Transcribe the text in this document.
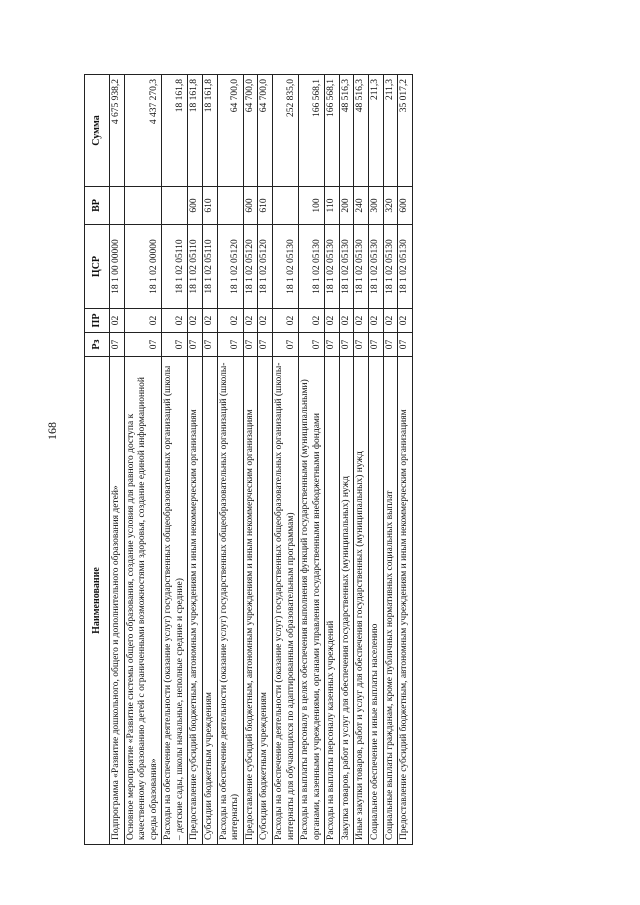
168
Наименование	Рз	ПР	ЦСР	ВР	Сумма
Подпрограмма «Развитие дошкольного, общего и дополнительного образования детей»	07	02	18 1 00 00000		4 675 938,2
Основное мероприятие «Развитие системы общего образования, создание условия для равного доступа к качественному образованию детей с ограниченными возможностями здоровья, создание единой информационной среды образования»	07	02	18 1 02 00000		4 437 270,3
Расходы на обеспечение деятельности (оказание услуг) государственных общеобразовательных организаций (школы – детские сады, школы начальные, неполные средние и средние)	07	02	18 1 02 05110		18 161,8
Предоставление субсидий бюджетным, автономным учреждениям и иным некоммерческим организациям	07	02	18 1 02 05110	600	18 161,8
Субсидии бюджетным учреждениям	07	02	18 1 02 05110	610	18 161,8
Расходы на обеспечение деятельности (оказание услуг) государственных общеобразовательных организаций (школы-интернаты)	07	02	18 1 02 05120		64 700,0
Предоставление субсидий бюджетным, автономным учреждениям и иным некоммерческим организациям	07	02	18 1 02 05120	600	64 700,0
Субсидии бюджетным учреждениям	07	02	18 1 02 05120	610	64 700,0
Расходы на обеспечение деятельности (оказание услуг) государственных общеобразовательных организаций (школы-интернаты для обучающихся по адаптированным образовательным программам)	07	02	18 1 02 05130		252 835,0
Расходы на выплаты персоналу в целях обеспечения выполнения функций государственными (муниципальными) органами, казенными учреждениями, органами управления государственными внебюджетными фондами	07	02	18 1 02 05130	100	166 568,1
Расходы на выплаты персоналу казенных учреждений	07	02	18 1 02 05130	110	166 568,1
Закупка товаров, работ и услуг для обеспечения государственных (муниципальных) нужд	07	02	18 1 02 05130	200	48 516,3
Иные закупки товаров, работ и услуг для обеспечения государственных (муниципальных) нужд	07	02	18 1 02 05130	240	48 516,3
Социальное обеспечение и иные выплаты населению	07	02	18 1 02 05130	300	211,3
Социальные выплаты гражданам, кроме публичных нормативных социальных выплат	07	02	18 1 02 05130	320	211,3
Предоставление субсидий бюджетным, автономным учреждениям и иным некоммерческим организациям	07	02	18 1 02 05130	600	35 017,2
